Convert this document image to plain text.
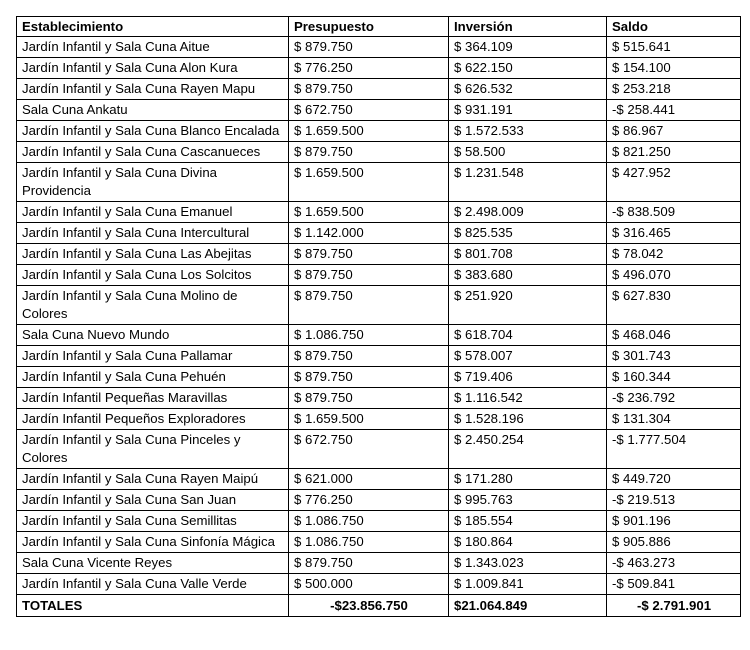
Establecimiento	Presupuesto	Inversión	Saldo
Jardín Infantil y Sala Cuna Aitue	$ 879.750	$ 364.109	$ 515.641
Jardín Infantil y Sala Cuna Alon Kura	$ 776.250	$ 622.150	$ 154.100
Jardín Infantil y Sala Cuna Rayen Mapu	$ 879.750	$ 626.532	$ 253.218
Sala Cuna Ankatu	$ 672.750	$ 931.191	-$ 258.441
Jardín Infantil y Sala Cuna Blanco Encalada	$ 1.659.500	$ 1.572.533	$ 86.967
Jardín Infantil y Sala Cuna Cascanueces	$ 879.750	$ 58.500	$ 821.250
Jardín Infantil y Sala Cuna Divina Providencia	$ 1.659.500	$ 1.231.548	$ 427.952
Jardín Infantil y Sala Cuna Emanuel	$ 1.659.500	$ 2.498.009	-$ 838.509
Jardín Infantil y Sala Cuna Intercultural	$ 1.142.000	$ 825.535	$ 316.465
Jardín Infantil y Sala Cuna Las Abejitas	$ 879.750	$ 801.708	$ 78.042
Jardín Infantil y Sala Cuna Los Solcitos	$ 879.750	$ 383.680	$ 496.070
Jardín Infantil y Sala Cuna Molino de Colores	$ 879.750	$ 251.920	$ 627.830
Sala Cuna Nuevo Mundo	$ 1.086.750	$ 618.704	$ 468.046
Jardín Infantil y Sala Cuna Pallamar	$ 879.750	$ 578.007	$ 301.743
Jardín Infantil y Sala Cuna Pehuén	$ 879.750	$ 719.406	$ 160.344
Jardín Infantil Pequeñas Maravillas	$ 879.750	$ 1.116.542	-$ 236.792
Jardín Infantil Pequeños Exploradores	$ 1.659.500	$ 1.528.196	$ 131.304
Jardín Infantil y Sala Cuna Pinceles y Colores	$ 672.750	$ 2.450.254	-$ 1.777.504
Jardín Infantil y Sala Cuna Rayen Maipú	$ 621.000	$ 171.280	$ 449.720
Jardín Infantil y Sala Cuna San Juan	$ 776.250	$ 995.763	-$ 219.513
Jardín Infantil y Sala Cuna Semillitas	$ 1.086.750	$ 185.554	$ 901.196
Jardín Infantil y Sala Cuna Sinfonía Mágica	$ 1.086.750	$ 180.864	$ 905.886
Sala Cuna Vicente Reyes	$ 879.750	$ 1.343.023	-$ 463.273
Jardín Infantil y Sala Cuna Valle Verde	$ 500.000	$ 1.009.841	-$ 509.841
TOTALES	-$23.856.750	$21.064.849	-$ 2.791.901
